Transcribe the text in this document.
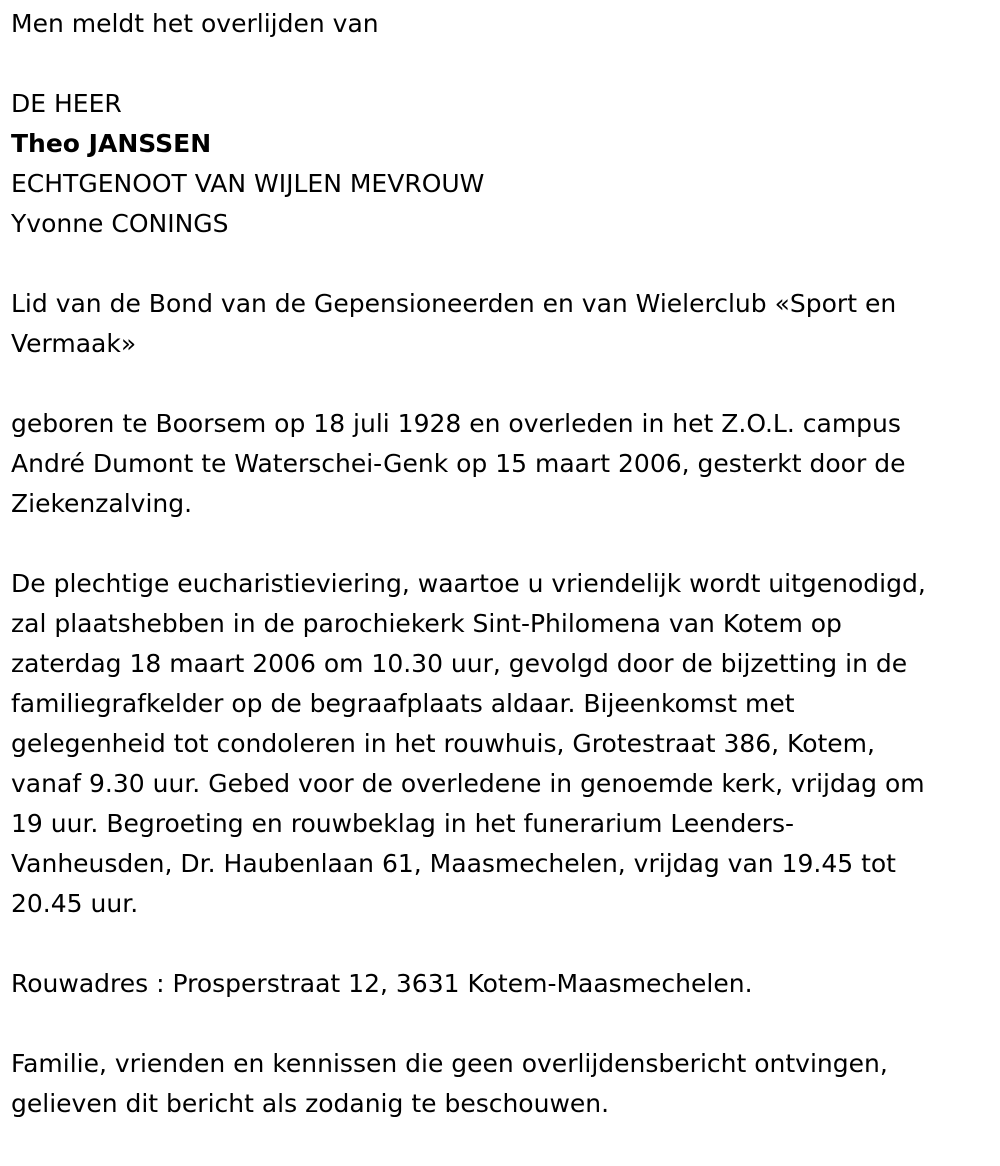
Men meldt het overlijden van

DE HEER

Theo JANSSEN

ECHTGENOOT VAN WIJLEN MEVROUW

Yvonne CONINGS

Lid van de Bond van de Gepensioneerden en van Wielerclub «Sport en

Vermaak»

geboren te Boorsem op 18 juli 1928 en overleden in het Z.O.L. campus

André Dumont te Waterschei-Genk op 15 maart 2006, gesterkt door de

Ziekenzalving.

De plechtige eucharistieviering, waartoe u vriendelijk wordt uitgenodigd,

zal plaatshebben in de parochiekerk Sint-Philomena van Kotem op

zaterdag 18 maart 2006 om 10.30 uur, gevolgd door de bijzetting in de

familiegrafkelder op de begraafplaats aldaar. Bijeenkomst met

gelegenheid tot condoleren in het rouwhuis, Grotestraat 386, Kotem,

vanaf 9.30 uur. Gebed voor de overledene in genoemde kerk, vrijdag om

19 uur. Begroeting en rouwbeklag in het funerarium Leenders-

Vanheusden, Dr. Haubenlaan 61, Maasmechelen, vrijdag van 19.45 tot

20.45 uur.

Rouwadres : Prosperstraat 12, 3631 Kotem-Maasmechelen.

Familie, vrienden en kennissen die geen overlijdensbericht ontvingen,

gelieven dit bericht als zodanig te beschouwen.
